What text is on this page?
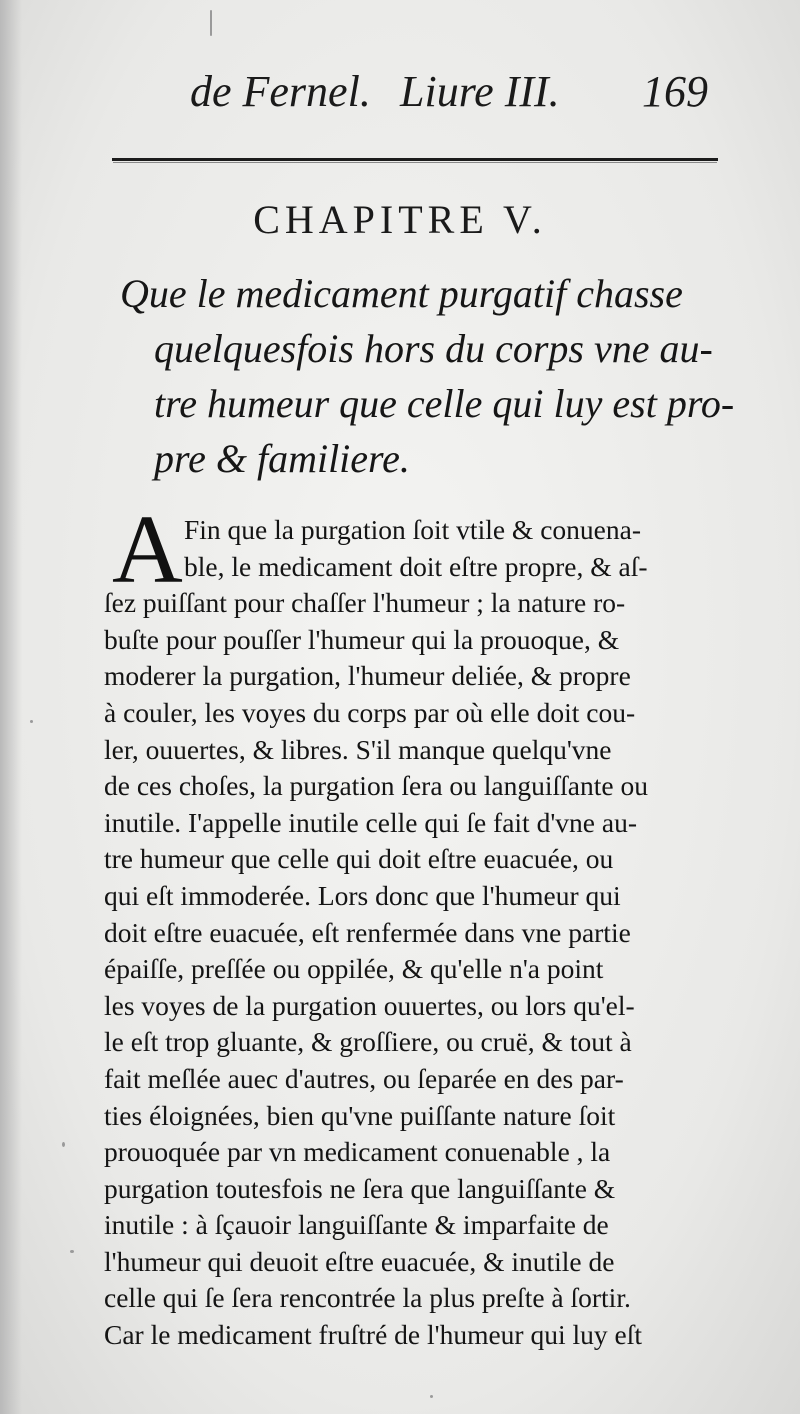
de Fernel. Liure III. 169
CHAPITRE V.
Que le medicament purgatif chasse
quelquesfois hors du corps vne au-
tre humeur que celle qui luy est pro-
pre & familiere.
A Fin que la purgation ſoit vtile & conuena-
ble, le medicament doit eſtre propre, & aſ-
ſez puiſſant pour chaſſer l'humeur ; la nature ro-
buſte pour pouſſer l'humeur qui la prouoque, &
moderer la purgation, l'humeur deliée, & propre
à couler, les voyes du corps par où elle doit cou-
ler, ouuertes, & libres. S'il manque quelqu'vne
de ces choſes, la purgation ſera ou languiſſante ou
inutile. I'appelle inutile celle qui ſe fait d'vne au-
tre humeur que celle qui doit eſtre euacuée, ou
qui eſt immoderée. Lors donc que l'humeur qui
doit eſtre euacuée, eſt renfermée dans vne partie
épaiſſe, preſſée ou oppilée, & qu'elle n'a point
les voyes de la purgation ouuertes, ou lors qu'el-
le eſt trop gluante, & groſſiere, ou cruë, & tout à
fait meſlée auec d'autres, ou ſeparée en des par-
ties éloignées, bien qu'vne puiſſante nature ſoit
prouoquée par vn medicament conuenable , la
purgation toutesfois ne ſera que languiſſante &
inutile : à ſçauoir languiſſante & imparfaite de
l'humeur qui deuoit eſtre euacuée, & inutile de
celle qui ſe ſera rencontrée la plus preſte à ſortir.
Car le medicament fruſtré de l'humeur qui luy eſt
